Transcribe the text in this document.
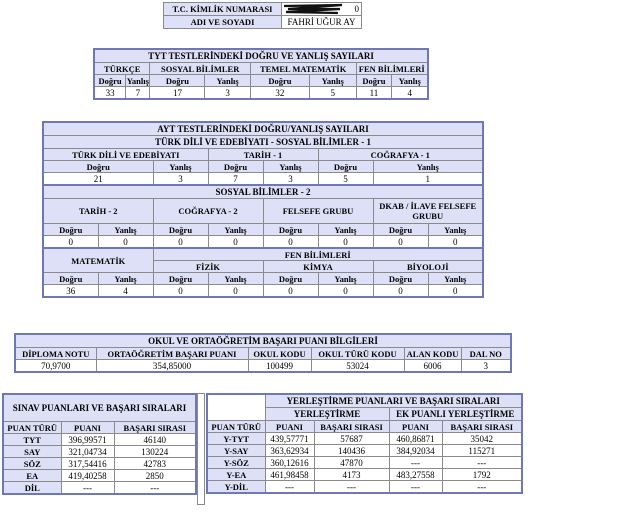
T.C. KİMLİK NUMARASI	0
ADI VE SOYADI	FAHRİ UĞUR AY
TYT TESTLERİNDEKİ DOĞRU VE YANLIŞ SAYILARI							
TÜRKÇE		SOSYAL BİLİMLER		TEMEL MATEMATİK		FEN BİLİMLERİ	
Doğru	Yanlış	Doğru	Yanlış	Doğru	Yanlış	Doğru	Yanlış
33	7	17	3	32	5	11	4
AYT TESTLERİNDEKİ DOĞRU/YANLIŞ SAYILARI							
TÜRK DİLİ VE EDEBİYATI - SOSYAL BİLİMLER - 1							
TÜRK DİLİ VE EDEBİYATI			TARİH - 1		COĞRAFYA - 1		
Doğru		Yanlış	Doğru	Yanlış	Doğru	Yanlış	
21		3	7	3	5	1	
SOSYAL BİLİMLER - 2							
TARİH - 2		COĞRAFYA - 2		FELSEFE GRUBU		DKAB / İLAVE FELSEFE GRUBU	
Doğru	Yanlış	Doğru	Yanlış	Doğru	Yanlış	Doğru	Yanlış
0	0	0	0	0	0	0	0
MATEMATİK		FEN BİLİMLERİ					
		FİZİK		KİMYA		BİYOLOJİ	
Doğru	Yanlış	Doğru	Yanlış	Doğru	Yanlış	Doğru	Yanlış
36	4	0	0	0	0	0	0
OKUL VE ORTAÖĞRETİM BAŞARI PUANI BİLGİLERİ					
DİPLOMA NOTU	ORTAÖĞRETİM BAŞARI PUANI	OKUL KODU	OKUL TÜRÜ KODU	ALAN KODU	DAL NO
70,9700	354,85000	100499	53024	6006	3
SINAV PUANLARI VE BAŞARI SIRALARI		
PUAN TÜRÜ	PUANI	BAŞARI SIRASI
TYT	396,99571	46140
SAY	321,04734	130224
SÖZ	317,54416	42783
EA	419,40258	2850
DİL	---	---
	YERLEŞTİRME PUANLARI VE BAŞARI SIRALARI			
	YERLEŞTİRME		EK PUANLI YERLEŞTİRME	
PUAN TÜRÜ	PUANI	BAŞARI SIRASI	PUANI	BAŞARI SIRASI
Y-TYT	439,57771	57687	460,86871	35042
Y-SAY	363,62934	140436	384,92034	115271
Y-SÖZ	360,12616	47870	---	---
Y-EA	461,98458	4173	483,27558	1792
Y-DİL	---	---	---	---
